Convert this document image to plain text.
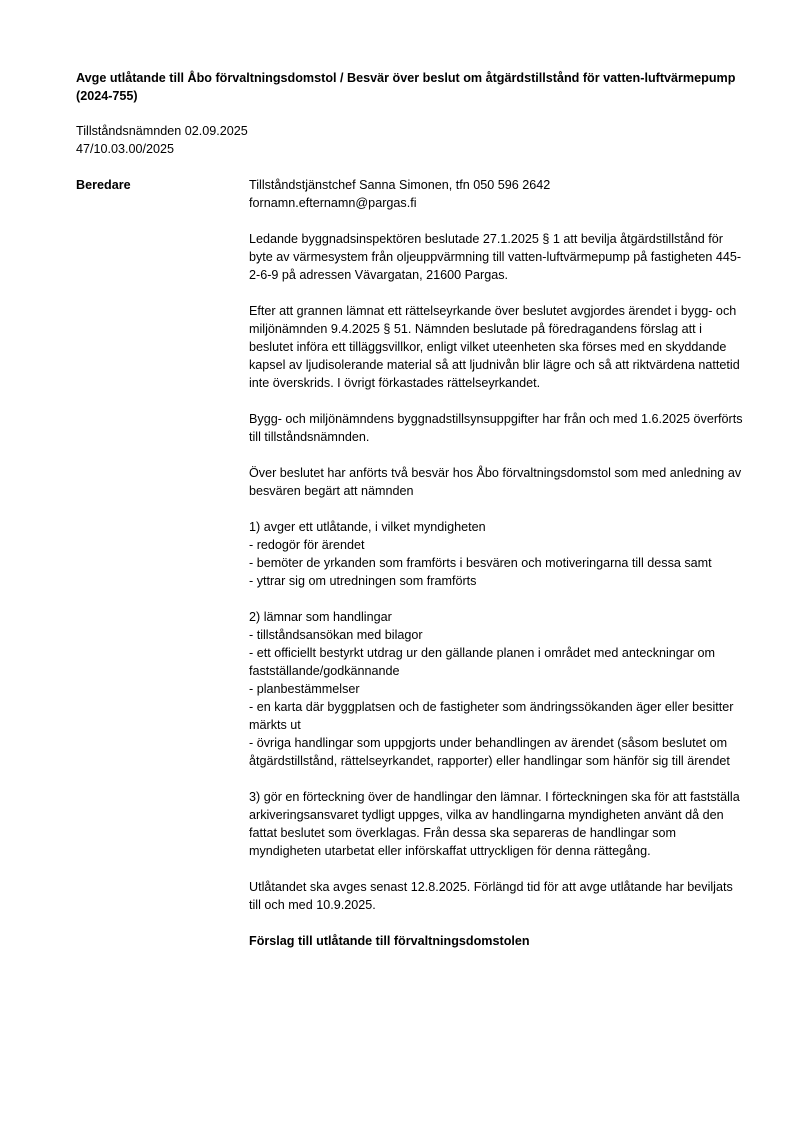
Avge utlåtande till Åbo förvaltningsdomstol / Besvär över beslut om åtgärdstillstånd för vatten-luftvärmepump (2024-755)
Tillståndsnämnden 02.09.2025
47/10.03.00/2025
Beredare	Tillståndstjänstchef Sanna Simonen, tfn 050 596 2642
fornamn.efternamn@pargas.fi
Ledande byggnadsinspektören beslutade 27.1.2025 § 1 att bevilja åtgärdstillstånd för byte av värmesystem från oljeuppvärmning till vatten-luftvärmepump på fastigheten 445-2-6-9 på adressen Vävargatan, 21600 Pargas.
Efter att grannen lämnat ett rättelseyrkande över beslutet avgjordes ärendet i bygg- och miljönämnden 9.4.2025 § 51. Nämnden beslutade på föredragandens förslag att i beslutet införa ett tilläggsvillkor, enligt vilket uteenheten ska förses med en skyddande kapsel av ljudisolerande material så att ljudnivån blir lägre och så att riktvärdena nattetid inte överskrids. I övrigt förkastades rättelseyrkandet.
Bygg- och miljönämndens byggnadstillsynsuppgifter har från och med 1.6.2025 överförts till tillståndsnämnden.
Över beslutet har anförts två besvär hos Åbo förvaltningsdomstol som med anledning av besvären begärt att nämnden
1) avger ett utlåtande, i vilket myndigheten
- redogör för ärendet
- bemöter de yrkanden som framförts i besvären och motiveringarna till dessa samt
- yttrar sig om utredningen som framförts
2) lämnar som handlingar
- tillståndsansökan med bilagor
- ett officiellt bestyrkt utdrag ur den gällande planen i området med anteckningar om fastställande/godkännande
- planbestämmelser
- en karta där byggplatsen och de fastigheter som ändringssökanden äger eller besitter märkts ut
- övriga handlingar som uppgjorts under behandlingen av ärendet (såsom beslutet om åtgärdstillstånd, rättelseyrkandet, rapporter) eller handlingar som hänför sig till ärendet
3) gör en förteckning över de handlingar den lämnar. I förteckningen ska för att fastställa arkiveringsansvaret tydligt uppges, vilka av handlingarna myndigheten använt då den fattat beslutet som överklagas. Från dessa ska separeras de handlingar som myndigheten utarbetat eller införskaffat uttryckligen för denna rättegång.
Utlåtandet ska avges senast 12.8.2025. Förlängd tid för att avge utlåtande har beviljats till och med 10.9.2025.
Förslag till utlåtande till förvaltningsdomstolen
